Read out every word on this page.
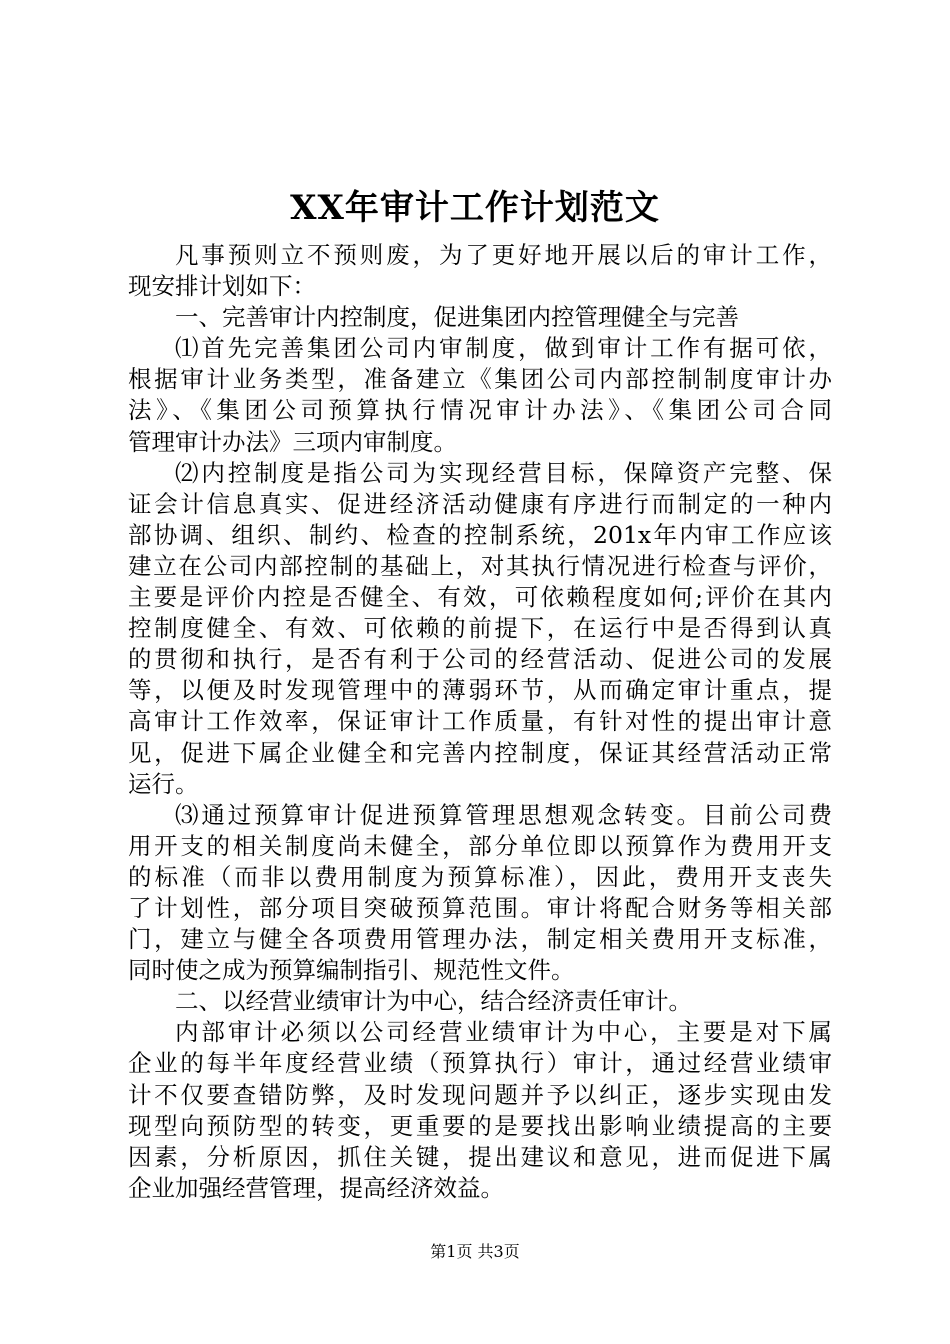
XX年审计工作计划范文
凡事预则立不预则废，为了更好地开展以后的审计工作，
现安排计划如下：
一、完善审计内控制度，促进集团内控管理健全与完善
⑴首先完善集团公司内审制度，做到审计工作有据可依，
根据审计业务类型，准备建立《集团公司内部控制制度审计办
法》、《集团公司预算执行情况审计办法》、《集团公司合同
管理审计办法》三项内审制度。
⑵内控制度是指公司为实现经营目标，保障资产完整、保
证会计信息真实、促进经济活动健康有序进行而制定的一种内
部协调、组织、制约、检查的控制系统，201x年内审工作应该
建立在公司内部控制的基础上，对其执行情况进行检查与评价，
主要是评价内控是否健全、有效，可依赖程度如何;评价在其内
控制度健全、有效、可依赖的前提下，在运行中是否得到认真
的贯彻和执行，是否有利于公司的经营活动、促进公司的发展
等，以便及时发现管理中的薄弱环节，从而确定审计重点，提
高审计工作效率，保证审计工作质量，有针对性的提出审计意
见，促进下属企业健全和完善内控制度，保证其经营活动正常
运行。
⑶通过预算审计促进预算管理思想观念转变。目前公司费
用开支的相关制度尚未健全，部分单位即以预算作为费用开支
的标准（而非以费用制度为预算标准），因此，费用开支丧失
了计划性，部分项目突破预算范围。审计将配合财务等相关部
门，建立与健全各项费用管理办法，制定相关费用开支标准，
同时使之成为预算编制指引、规范性文件。
二、以经营业绩审计为中心，结合经济责任审计。
内部审计必须以公司经营业绩审计为中心，主要是对下属
企业的每半年度经营业绩（预算执行）审计，通过经营业绩审
计不仅要查错防弊，及时发现问题并予以纠正，逐步实现由发
现型向预防型的转变，更重要的是要找出影响业绩提高的主要
因素，分析原因，抓住关键，提出建议和意见，进而促进下属
企业加强经营管理，提高经济效益。
第1页 共3页
